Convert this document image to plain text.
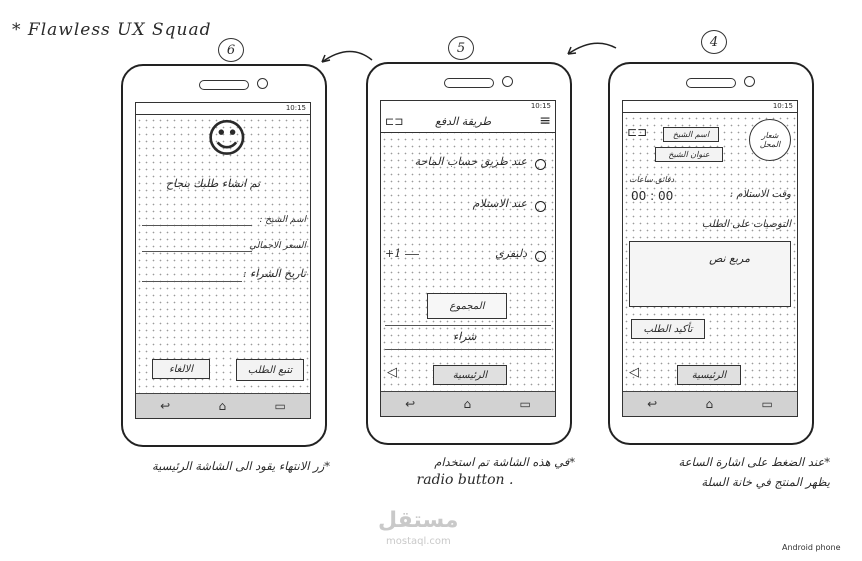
* Flawless UX Squad
6	5	4
10:15
☺
تم انشاء طلبك بنجاح
اسم الشيخ :
السعر الاجمالي
تاريخ الشراء :
الالغاء	تتبع الطلب
↩	⌂	▭
10:15
⊏⊐	طريقة الدفع	≡
عند طريق حساب الماحة
عند الاستلام
دليفري
+1
المجموع
شراء
◁	الرئيسية
↩	⌂	▭
10:15
شعار
المحل
⊏⊐	اسم الشيخ
عنوان الشيخ
دقائق ساعات
00 : 00	وقت الاستلام :
التوصيات على الطلب
مربع نص
تأكيد الطلب
◁	الرئيسية
↩	⌂	▭
*زر الانتهاء يقود الى الشاشة الرئيسية	*في هذه الشاشة تم استخدام
radio button .
*عند الضغط على اشارة الساعة
يظهر المنتج في خانة السلة
مستقل
mostaql.com
Android phone
